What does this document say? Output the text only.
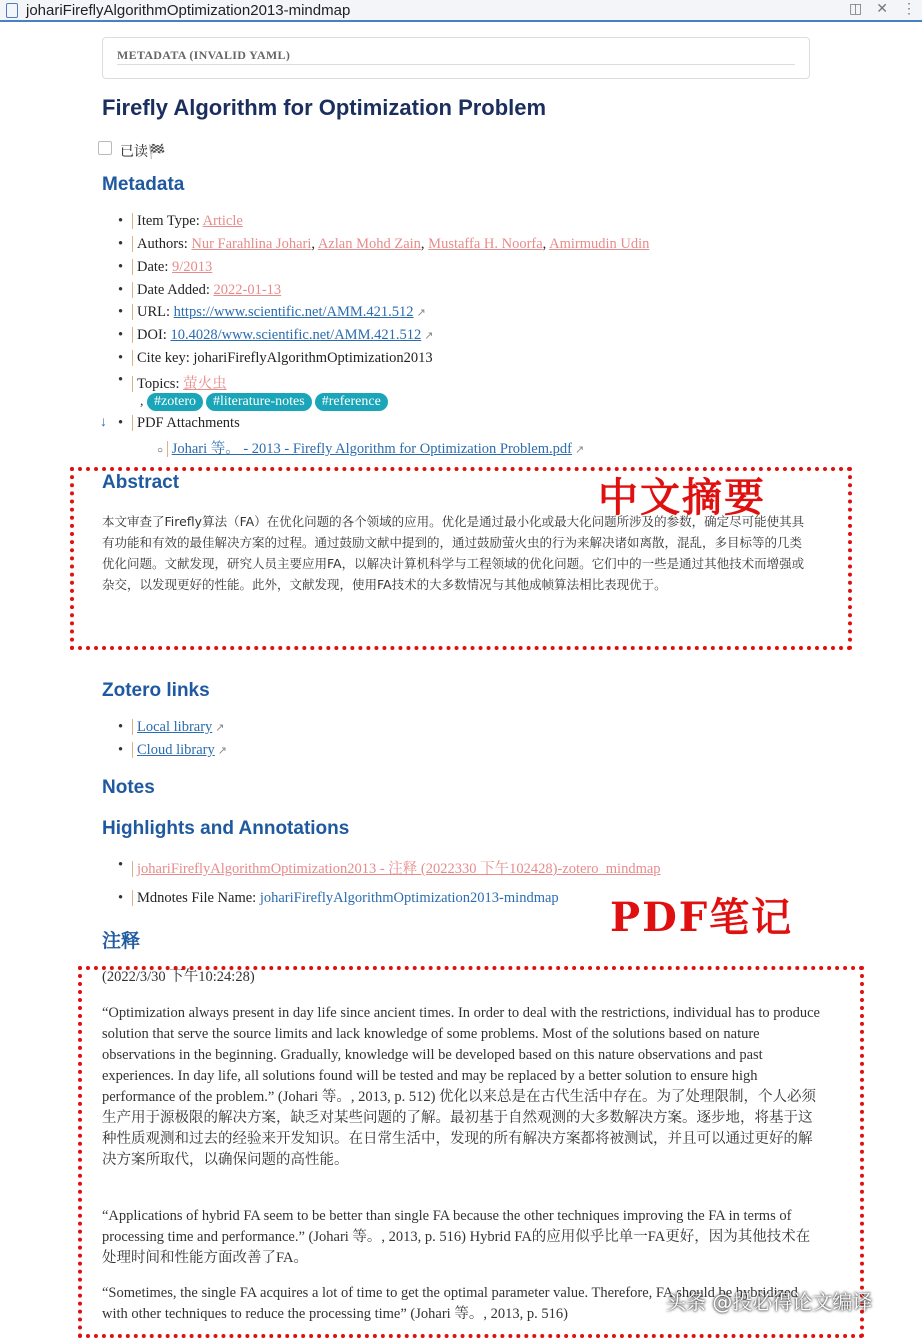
johariFireflyAlgorithmOptimization2013-mindmap	◫ ✕ ⋮
METADATA (INVALID YAML)
Firefly Algorithm for Optimization Problem
已读🏁
Metadata
• Item Type: Article
• Authors: Nur Farahlina Johari, Azlan Mohd Zain, Mustaffa H. Noorfa, Amirmudin Udin
• Date: 9/2013
• Date Added: 2022-01-13
• URL: https://www.scientific.net/AMM.421.512 ↗
• DOI: 10.4028/www.scientific.net/AMM.421.512 ↗
• Cite key: johariFireflyAlgorithmOptimization2013
• Topics: 萤火虫
, #zotero #literature-notes #reference
↓	• PDF Attachments
○ Johari 等。 - 2013 - Firefly Algorithm for Optimization Problem.pdf ↗
Abstract
本文审查了Firefly算法（FA）在优化问题的各个领域的应用。优化是通过最小化或最大化问题所涉及的参数，确定尽可能使其具有功能和有效的最佳解决方案的过程。通过鼓励文献中提到的，通过鼓励萤火虫的行为来解决诸如离散，混乱，多目标等的几类优化问题。文献发现，研究人员主要应用FA，以解决计算机科学与工程领域的优化问题。它们中的一些是通过其他技术而增强或杂交，以发现更好的性能。此外，文献发现，使用FA技术的大多数情况与其他成帧算法相比表现优于。
中文摘要
Zotero links
• Local library ↗
• Cloud library ↗
Notes
Highlights and Annotations
• johariFireflyAlgorithmOptimization2013 - 注释 (2022330 下午102428)-zotero_mindmap
• Mdnotes File Name: johariFireflyAlgorithmOptimization2013-mindmap PDF笔记
注释
(2022/3/30 下午10:24:28)
“Optimization always present in day life since ancient times. In order to deal with the restrictions, individual has to produce solution that serve the source limits and lack knowledge of some problems. Most of the solutions based on nature observations in the beginning. Gradually, knowledge will be developed based on this nature observations and past experiences. In day life, all solutions found will be tested and may be replaced by a better solution to ensure high performance of the problem.” (Johari 等。, 2013, p. 512) 优化以来总是在古代生活中存在。为了处理限制，个人必须生产用于源极限的解决方案，缺乏对某些问题的了解。最初基于自然观测的大多数解决方案。逐步地，将基于这种性质观测和过去的经验来开发知识。在日常生活中，发现的所有解决方案都将被测试，并且可以通过更好的解决方案所取代，以确保问题的高性能。
“Applications of hybrid FA seem to be better than single FA because the other techniques improving the FA in terms of processing time and performance.” (Johari 等。, 2013, p. 516) Hybrid FA的应用似乎比单一FA更好，因为其他技术在处理时间和性能方面改善了FA。
“Sometimes, the single FA acquires a lot of time to get the optimal parameter value. Therefore, FA should be hybridized with other techniques to reduce the processing time” (Johari 等。, 2013, p. 516)	头条 @投必得论文编译
